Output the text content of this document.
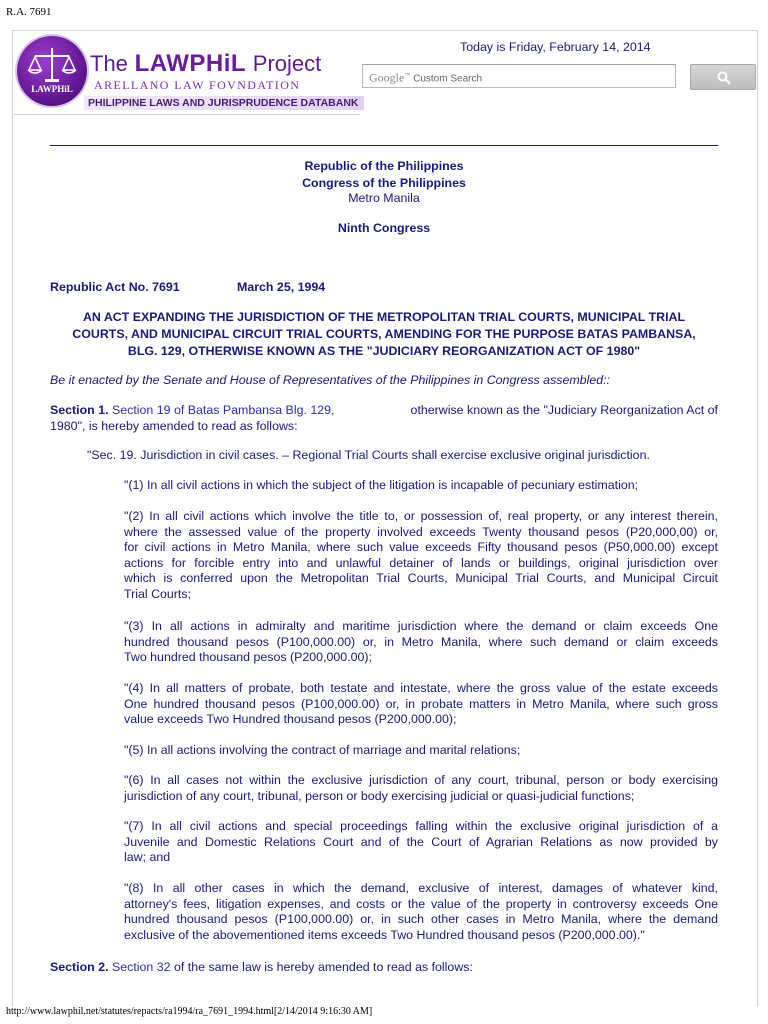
R.A. 7691
LAWPHiL
The LAWPHiL Project
ARELLANO LAW FOVNDATION
PHILIPPINE LAWS AND JURISPRUDENCE DATABANK
Today is Friday, February 14, 2014
Google™ Custom Search
Republic of the Philippines
Congress of the Philippines
Metro Manila
Ninth Congress
Republic Act No. 7691	March 25, 1994
AN ACT EXPANDING THE JURISDICTION OF THE METROPOLITAN TRIAL COURTS, MUNICIPAL TRIAL
COURTS, AND MUNICIPAL CIRCUIT TRIAL COURTS, AMENDING FOR THE PURPOSE BATAS PAMBANSA,
BLG. 129, OTHERWISE KNOWN AS THE "JUDICIARY REORGANIZATION ACT OF 1980"
Be it enacted by the Senate and House of Representatives of the Philippines in Congress assembled::
Section 1. Section 19 of Batas Pambansa Blg. 129,	otherwise known as the "Judiciary Reorganization Act of
1980", is hereby amended to read as follows:
"Sec. 19. Jurisdiction in civil cases. – Regional Trial Courts shall exercise exclusive original jurisdiction.
"(1) In all civil actions in which the subject of the litigation is incapable of pecuniary estimation;
"(2) In all civil actions which involve the title to, or possession of, real property, or any interest therein,
where the assessed value of the property involved exceeds Twenty thousand pesos (P20,000,00) or,
for civil actions in Metro Manila, where such value exceeds Fifty thousand pesos (P50,000.00) except
actions for forcible entry into and unlawful detainer of lands or buildings, original jurisdiction over
which is conferred upon the Metropolitan Trial Courts, Municipal Trial Courts, and Municipal Circuit
Trial Courts;
"(3) In all actions in admiralty and maritime jurisdiction where the demand or claim exceeds One
hundred thousand pesos (P100,000.00) or, in Metro Manila, where such demand or claim exceeds
Two hundred thousand pesos (P200,000.00);
"(4) In all matters of probate, both testate and intestate, where the gross value of the estate exceeds
One hundred thousand pesos (P100,000.00) or, in probate matters in Metro Manila, where such gross
value exceeds Two Hundred thousand pesos (P200,000.00);
"(5) In all actions involving the contract of marriage and marital relations;
"(6) In all cases not within the exclusive jurisdiction of any court, tribunal, person or body exercising
jurisdiction of any court, tribunal, person or body exercising judicial or quasi-judicial functions;
"(7) In all civil actions and special proceedings falling within the exclusive original jurisdiction of a
Juvenile and Domestic Relations Court and of the Court of Agrarian Relations as now provided by
law; and
"(8) In all other cases in which the demand, exclusive of interest, damages of whatever kind,
attorney's fees, litigation expenses, and costs or the value of the property in controversy exceeds One
hundred thousand pesos (P100,000.00) or, in such other cases in Metro Manila, where the demand
exclusive of the abovementioned items exceeds Two Hundred thousand pesos (P200,000.00)."
Section 2. Section 32 of the same law is hereby amended to read as follows:
http://www.lawphil.net/statutes/repacts/ra1994/ra_7691_1994.html[2/14/2014 9:16:30 AM]
